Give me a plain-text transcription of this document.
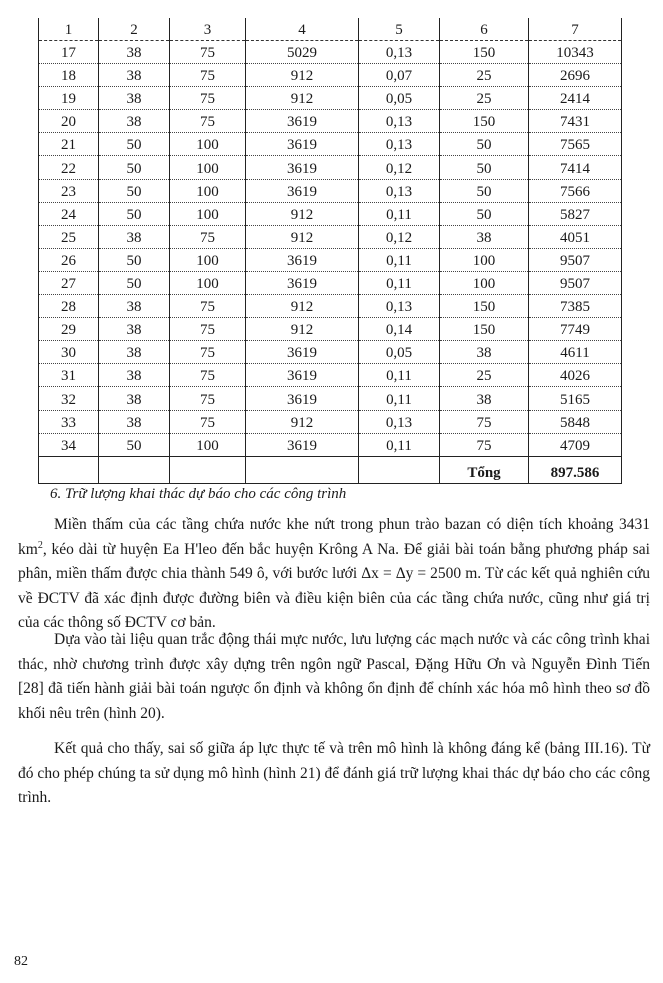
1	2	3	4	5	6	7
17	38	75	5029	0,13	150	10343
18	38	75	912	0,07	25	2696
19	38	75	912	0,05	25	2414
20	38	75	3619	0,13	150	7431
21	50	100	3619	0,13	50	7565
22	50	100	3619	0,12	50	7414
23	50	100	3619	0,13	50	7566
24	50	100	912	0,11	50	5827
25	38	75	912	0,12	38	4051
26	50	100	3619	0,11	100	9507
27	50	100	3619	0,11	100	9507
28	38	75	912	0,13	150	7385
29	38	75	912	0,14	150	7749
30	38	75	3619	0,05	38	4611
31	38	75	3619	0,11	25	4026
32	38	75	3619	0,11	38	5165
33	38	75	912	0,13	75	5848
34	50	100	3619	0,11	75	4709
					Tổng	897.586
6. Trữ lượng khai thác dự báo cho các công trình

Miền thấm của các tầng chứa nước khe nứt trong phun trào bazan có diện tích khoảng 3431 $km^2$, kéo dài từ huyện Ea H'leo đến bắc huyện Krông A Na. Để giải bài toán bằng phương pháp sai phân, miền thấm được chia thành 549 ô, với bước lưới Δx = Δy = 2500 m. Từ các kết quả nghiên cứu về ĐCTV đã xác định được đường biên và điều kiện biên của các tầng chứa nước, cũng như giá trị của các thông số ĐCTV cơ bản.

Dựa vào tài liệu quan trắc động thái mực nước, lưu lượng các mạch nước và các công trình khai thác, nhờ chương trình được xây dựng trên ngôn ngữ Pascal, Đặng Hữu Ơn và Nguyễn Đình Tiến [28] đã tiến hành giải bài toán ngược ổn định và không ổn định để chính xác hóa mô hình theo sơ đồ khối nêu trên (hình 20).

Kết quả cho thấy, sai số giữa áp lực thực tế và trên mô hình là không đáng kể (bảng III.16). Từ đó cho phép chúng ta sử dụng mô hình (hình 21) để đánh giá trữ lượng khai thác dự báo cho các công trình.

82
